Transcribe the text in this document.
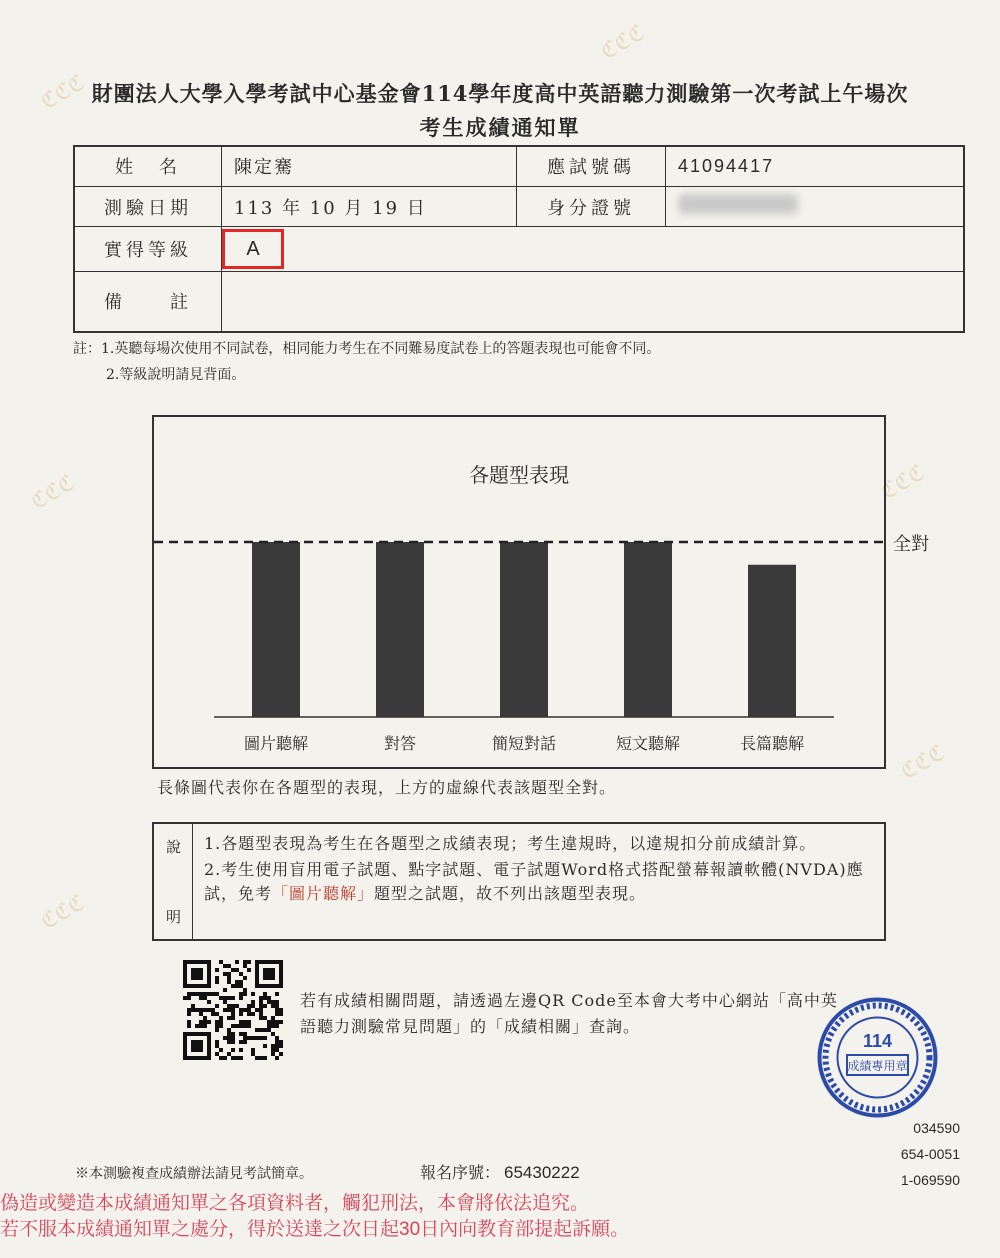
ℭℭℭ
ℭℭℭ
ℭℭℭ	ℭℭℭ
ℭℭℭ
ℭℭℭ
財團法人大學入學考試中心基金會114學年度高中英語聽力測驗第一次考試上午場次
考生成績通知單
姓　名	陳定騫	應試號碼	41094417
測驗日期	113 年 10 月 19 日	身分證號	
實得等級	A		
備　　註			
註：1.英聽每場次使用不同試卷，相同能力考生在不同難易度試卷上的答題表現也可能會不同。
2.等級說明請見背面。
各題型表現
圖片聽解	對答	簡短對話	短文聽解	長篇聽解
全對
長條圖代表你在各題型的表現，上方的虛線代表該題型全對。
說
明

1.各題型表現為考生在各題型之成績表現；考生違規時，以違規扣分前成績計算。

2.考生使用盲用電子試題、點字試題、電子試題Word格式搭配螢幕報讀軟體(NVDA)應試，免考「圖片聽解」題型之試題，故不列出該題型表現。

若有成績相關問題，請透過左邊QR Code至本會大考中心網站「高中英語聽力測驗常見問題」的「成績相關」查詢。
114
成績專用章
034590
654-0051
1-069590
※本測驗複查成績辦法請見考試簡章。	報名序號： 65430222
偽造或變造本成績通知單之各項資料者，觸犯刑法，本會將依法追究。
若不服本成績通知單之處分，得於送達之次日起30日內向教育部提起訴願。
